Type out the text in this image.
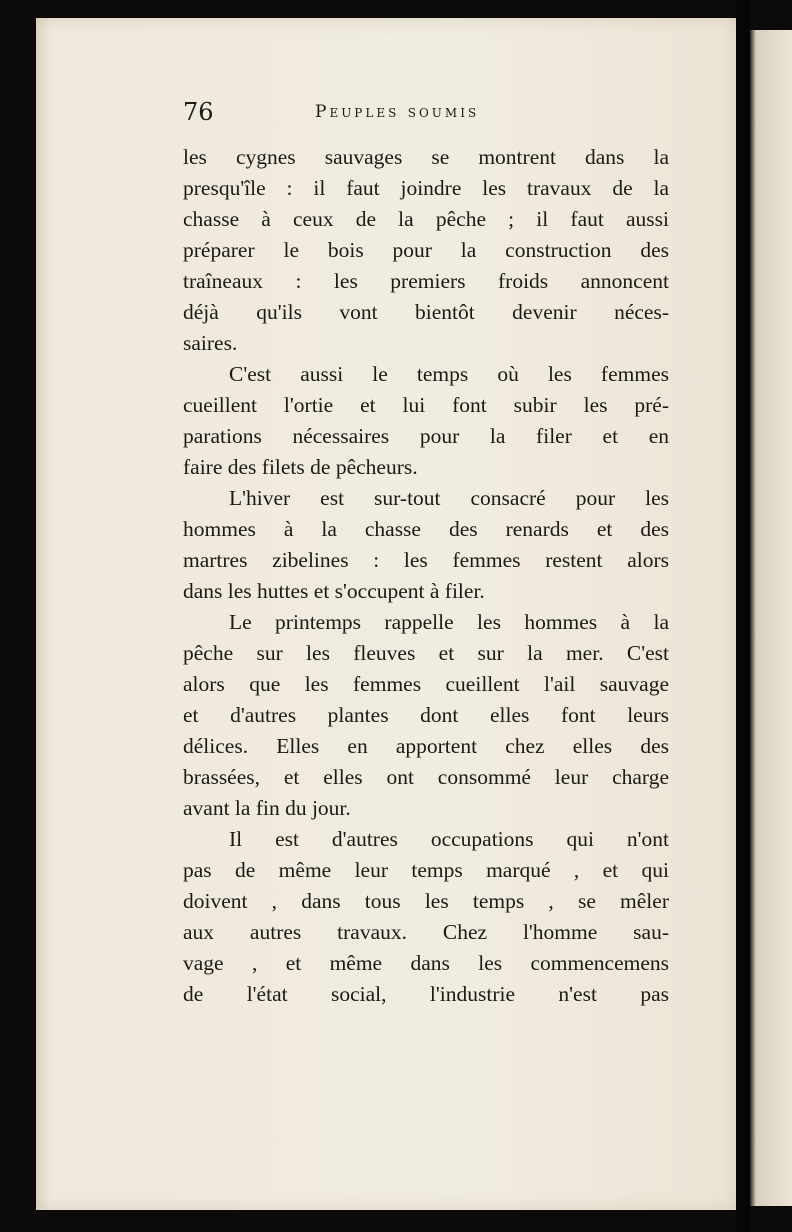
76	Peuples soumis
les cygnes sauvages se montrent dans la
presqu'île : il faut joindre les travaux de la
chasse à ceux de la pêche ; il faut aussi
préparer le bois pour la construction des
traîneaux : les premiers froids annoncent
déjà qu'ils vont bientôt devenir néces-
saires.
C'est aussi le temps où les femmes
cueillent l'ortie et lui font subir les pré-
parations nécessaires pour la filer et en
faire des filets de pêcheurs.
L'hiver est sur-tout consacré pour les
hommes à la chasse des renards et des
martres zibelines : les femmes restent alors
dans les huttes et s'occupent à filer.
Le printemps rappelle les hommes à la
pêche sur les fleuves et sur la mer. C'est
alors que les femmes cueillent l'ail sauvage
et d'autres plantes dont elles font leurs
délices. Elles en apportent chez elles des
brassées, et elles ont consommé leur charge
avant la fin du jour.
Il est d'autres occupations qui n'ont
pas de même leur temps marqué , et qui
doivent , dans tous les temps , se mêler
aux autres travaux. Chez l'homme sau-
vage , et même dans les commencemens
de l'état social, l'industrie n'est pas
